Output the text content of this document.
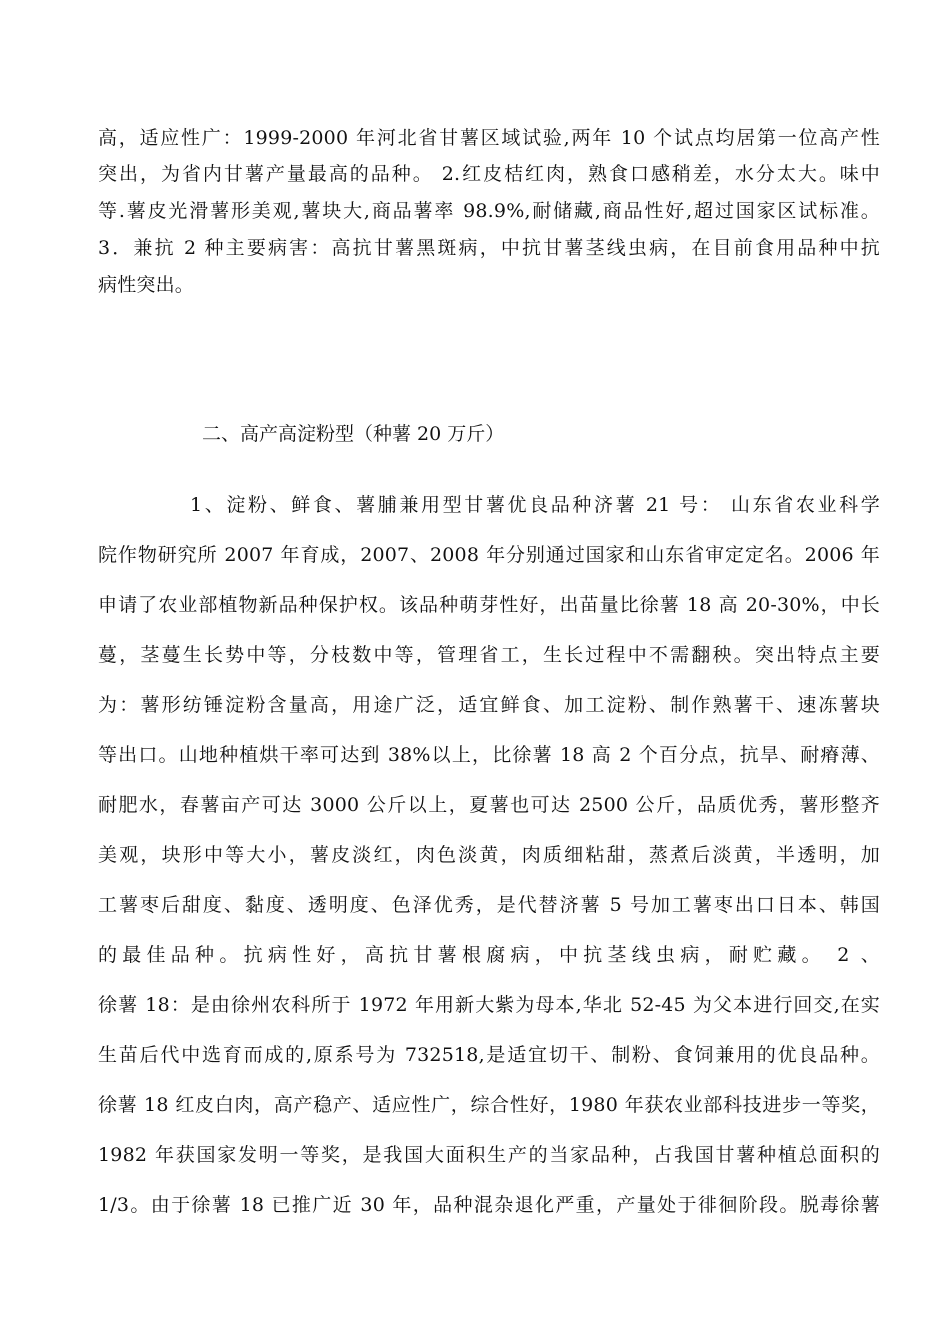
高，适应性广：1999-2000 年河北省甘薯区域试验,两年 10 个试点均居第一位高产性
突出，为省内甘薯产量最高的品种。 2.红皮桔红肉，熟食口感稍差，水分太大。味中
等.薯皮光滑薯形美观,薯块大,商品薯率 98.9%,耐储藏,商品性好,超过国家区试标准。
3．兼抗 2 种主要病害：高抗甘薯黑斑病，中抗甘薯茎线虫病，在目前食用品种中抗
病性突出。
二、高产高淀粉型（种薯 20 万斤）
1、淀粉、鲜食、薯脯兼用型甘薯优良品种济薯 21 号： 山东省农业科学
院作物研究所 2007 年育成，2007、2008 年分别通过国家和山东省审定定名。2006 年
申请了农业部植物新品种保护权。该品种萌芽性好，出苗量比徐薯 18 高 20-30%，中长
蔓，茎蔓生长势中等，分枝数中等，管理省工，生长过程中不需翻秧。突出特点主要
为：薯形纺锤淀粉含量高，用途广泛，适宜鲜食、加工淀粉、制作熟薯干、速冻薯块
等出口。山地种植烘干率可达到 38%以上，比徐薯 18 高 2 个百分点，抗旱、耐瘠薄、
耐肥水，春薯亩产可达 3000 公斤以上，夏薯也可达 2500 公斤，品质优秀，薯形整齐
美观，块形中等大小，薯皮淡红，肉色淡黄，肉质细粘甜，蒸煮后淡黄，半透明，加
工薯枣后甜度、黏度、透明度、色泽优秀，是代替济薯 5 号加工薯枣出口日本、韩国
的最佳品种。抗病性好，高抗甘薯根腐病，中抗茎线虫病，耐贮藏。 2 、
徐薯 18：是由徐州农科所于 1972 年用新大紫为母本,华北 52-45 为父本进行回交,在实
生苗后代中选育而成的,原系号为 732518,是适宜切干、制粉、食饲兼用的优良品种。
徐薯 18 红皮白肉，高产稳产、适应性广，综合性好，1980 年获农业部科技进步一等奖，
1982 年获国家发明一等奖，是我国大面积生产的当家品种，占我国甘薯种植总面积的
1/3。由于徐薯 18 已推广近 30 年，品种混杂退化严重，产量处于徘徊阶段。脱毒徐薯
